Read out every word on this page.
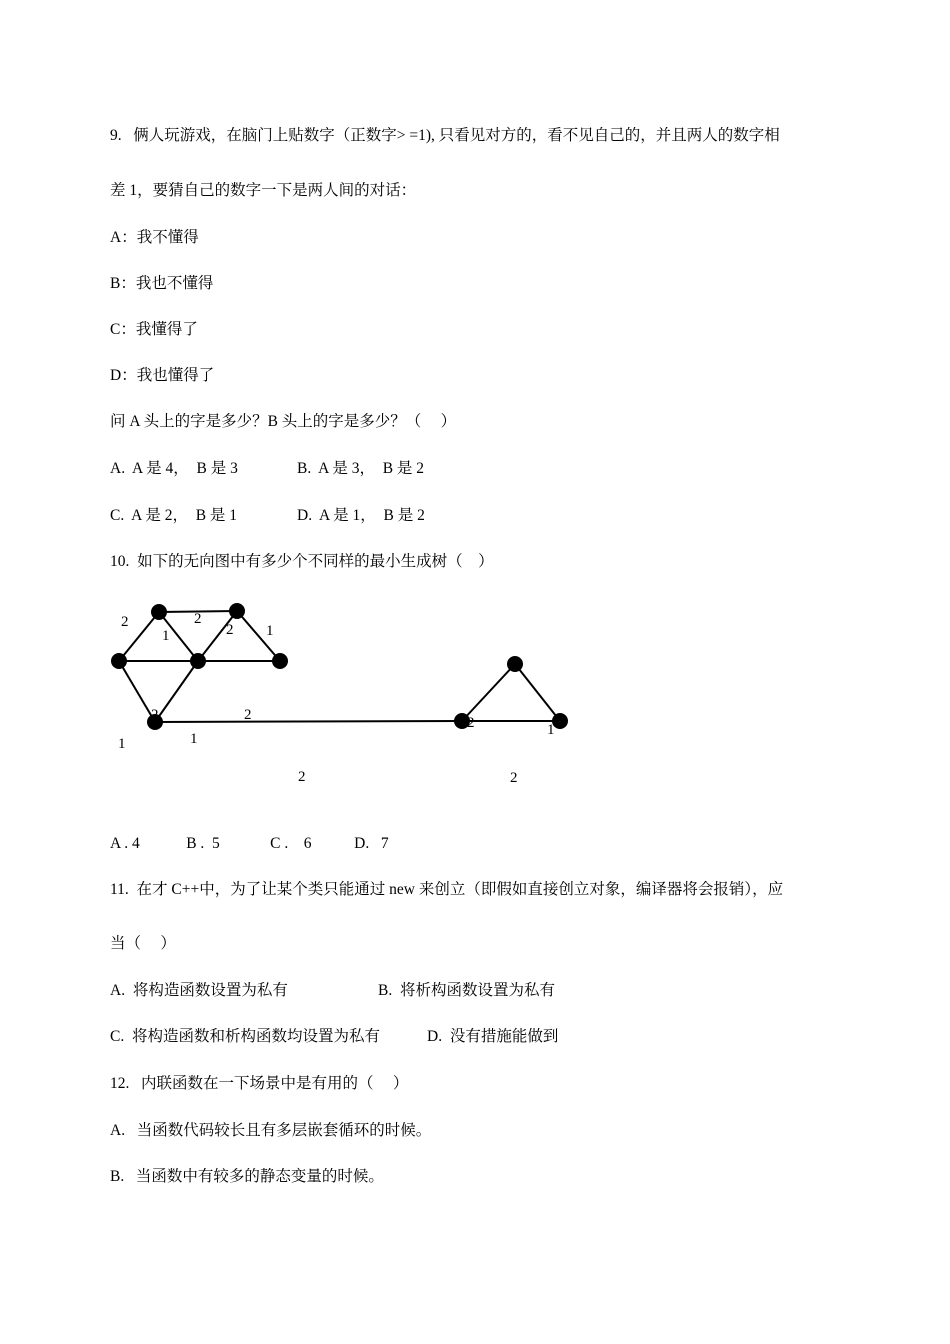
9.   俩人玩游戏，在脑门上贴数字（正数字> =1), 只看见对方的，看不见自己的，并且两人的数字相
差 1，要猜自己的数字一下是两人间的对话：
A：我不懂得
B：我也不懂得
C：我懂得了
D：我也懂得了
问 A 头上的字是多少？B 头上的字是多少？（     ）
A.  A 是 4，  B 是 3	B.  A 是 3，  B 是 2
C.  A 是 2，  B 是 1	D.  A 是 1，  B 是 2
10.  如下的无向图中有多少个不同样的最小生成树（    ）
2
1
2
2 1
2
1	1
2	2	1
2	2
A . 4            B .  5             C .    6           D.   7
11.  在才 C++中，为了让某个类只能通过 new 来创立（即假如直接创立对象，编译器将会报销），应
当（     ）
A.  将构造函数设置为私有	B.  将析构函数设置为私有
C.  将构造函数和析构函数均设置为私有	D.  没有措施能做到
12.   内联函数在一下场景中是有用的（     ）
A.   当函数代码较长且有多层嵌套循环的时候。
B.   当函数中有较多的静态变量的时候。
